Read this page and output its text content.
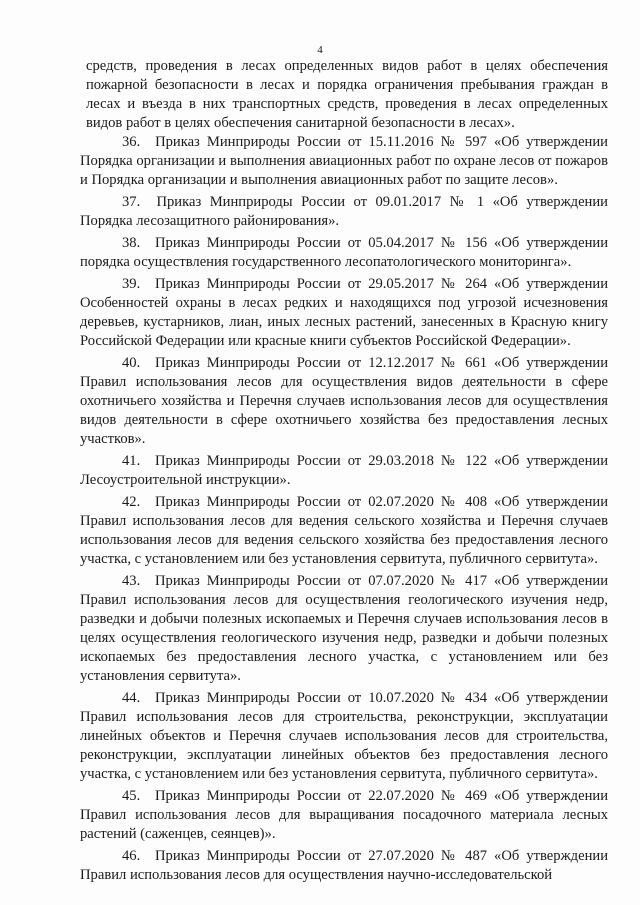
4

средств, проведения в лесах определенных видов работ в целях обеспечения пожарной безопасности в лесах и порядка ограничения пребывания граждан в лесах и въезда в них транспортных средств, проведения в лесах определенных видов работ в целях обеспечения санитарной безопасности в лесах».

36. Приказ Минприроды России от 15.11.2016 № 597 «Об утверждении Порядка организации и выполнения авиационных работ по охране лесов от пожаров и Порядка организации и выполнения авиационных работ по защите лесов».

37. Приказ Минприроды России от 09.01.2017 № 1 «Об утверждении Порядка лесозащитного районирования».

38. Приказ Минприроды России от 05.04.2017 № 156 «Об утверждении порядка осуществления государственного лесопатологического мониторинга».

39. Приказ Минприроды России от 29.05.2017 № 264 «Об утверждении Особенностей охраны в лесах редких и находящихся под угрозой исчезновения деревьев, кустарников, лиан, иных лесных растений, занесенных в Красную книгу Российской Федерации или красные книги субъектов Российской Федерации».

40. Приказ Минприроды России от 12.12.2017 № 661 «Об утверждении Правил использования лесов для осуществления видов деятельности в сфере охотничьего хозяйства и Перечня случаев использования лесов для осуществления видов деятельности в сфере охотничьего хозяйства без предоставления лесных участков».

41. Приказ Минприроды России от 29.03.2018 № 122 «Об утверждении Лесоустроительной инструкции».

42. Приказ Минприроды России от 02.07.2020 № 408 «Об утверждении Правил использования лесов для ведения сельского хозяйства и Перечня случаев использования лесов для ведения сельского хозяйства без предоставления лесного участка, с установлением или без установления сервитута, публичного сервитута».

43. Приказ Минприроды России от 07.07.2020 № 417 «Об утверждении Правил использования лесов для осуществления геологического изучения недр, разведки и добычи полезных ископаемых и Перечня случаев использования лесов в целях осуществления геологического изучения недр, разведки и добычи полезных ископаемых без предоставления лесного участка, с установлением или без установления сервитута».

44. Приказ Минприроды России от 10.07.2020 № 434 «Об утверждении Правил использования лесов для строительства, реконструкции, эксплуатации линейных объектов и Перечня случаев использования лесов для строительства, реконструкции, эксплуатации линейных объектов без предоставления лесного участка, с установлением или без установления сервитута, публичного сервитута».

45. Приказ Минприроды России от 22.07.2020 № 469 «Об утверждении Правил использования лесов для выращивания посадочного материала лесных растений (саженцев, сеянцев)».

46. Приказ Минприроды России от 27.07.2020 № 487 «Об утверждении Правил использования лесов для осуществления научно-исследовательской
